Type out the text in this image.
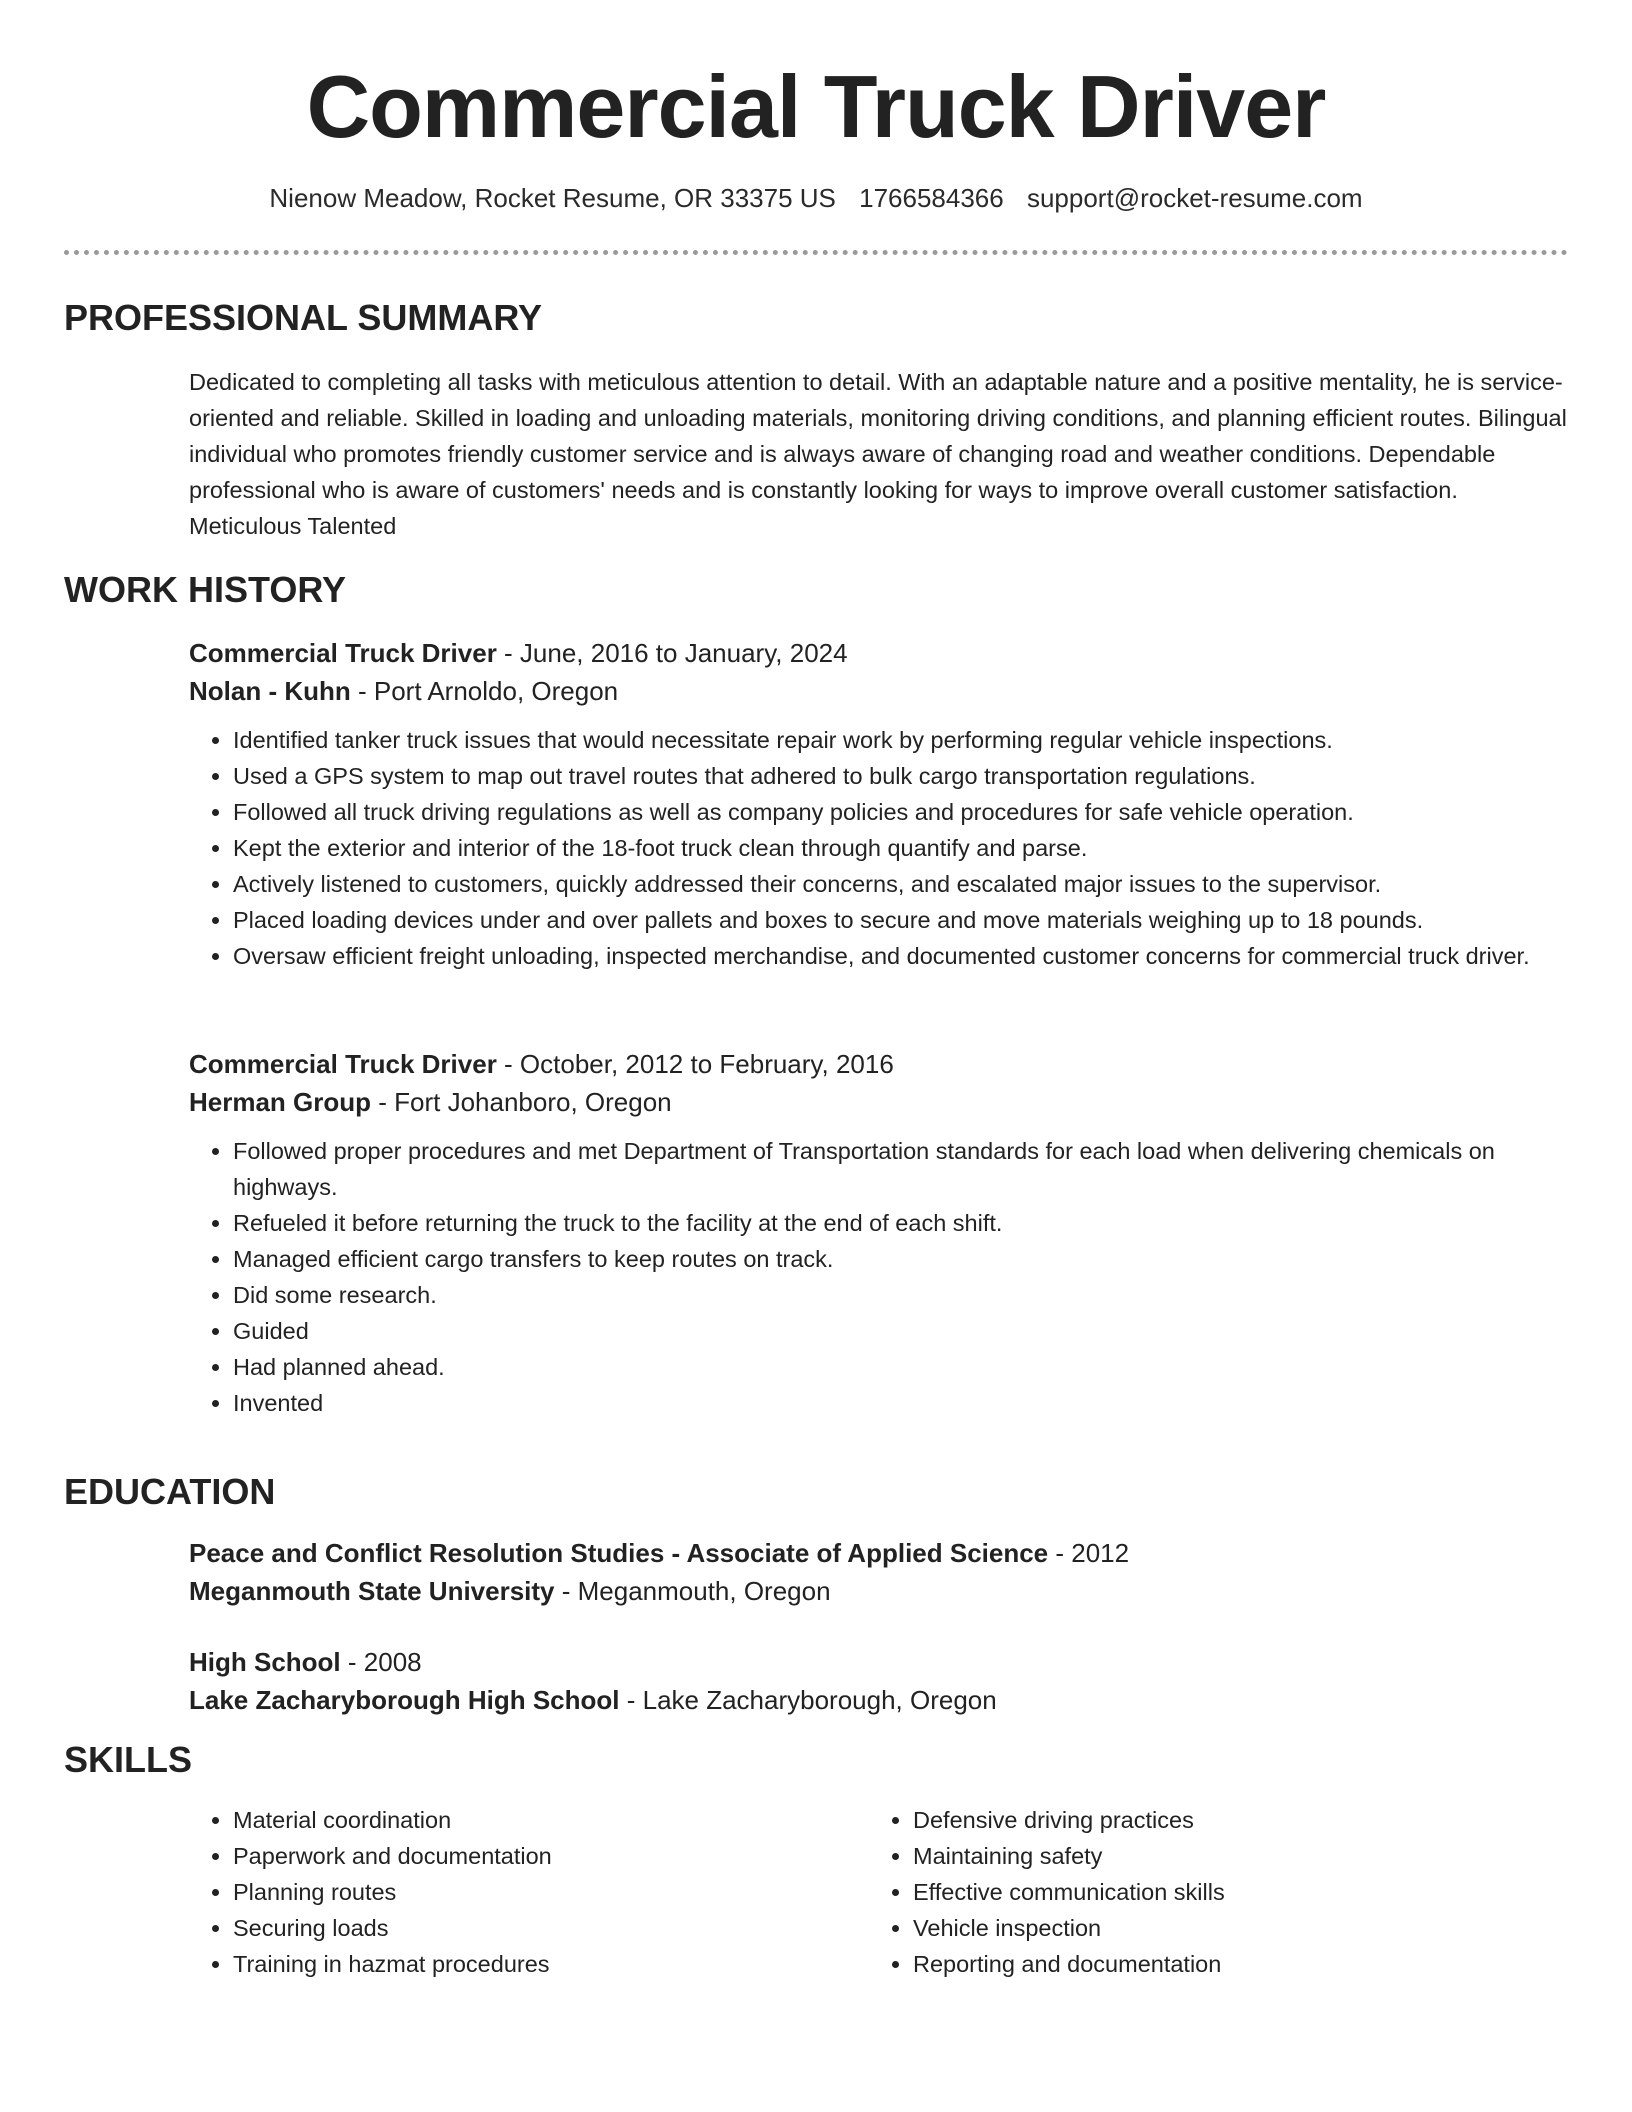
Commercial Truck Driver
Nienow Meadow, Rocket Resume, OR 33375 US 1766584366 support@rocket-resume.com
PROFESSIONAL SUMMARY

Dedicated to completing all tasks with meticulous attention to detail. With an adaptable nature and a positive mentality, he is service-oriented and reliable. Skilled in loading and unloading materials, monitoring driving conditions, and planning efficient routes. Bilingual individual who promotes friendly customer service and is always aware of changing road and weather conditions. Dependable professional who is aware of customers' needs and is constantly looking for ways to improve overall customer satisfaction. Meticulous Talented

WORK HISTORY

Commercial Truck Driver - June, 2016 to January, 2024

Nolan - Kuhn - Port Arnoldo, Oregon

• Identified tanker truck issues that would necessitate repair work by performing regular vehicle inspections.
• Used a GPS system to map out travel routes that adhered to bulk cargo transportation regulations.
• Followed all truck driving regulations as well as company policies and procedures for safe vehicle operation.
• Kept the exterior and interior of the 18-foot truck clean through quantify and parse.
• Actively listened to customers, quickly addressed their concerns, and escalated major issues to the supervisor.
• Placed loading devices under and over pallets and boxes to secure and move materials weighing up to 18 pounds.
• Oversaw efficient freight unloading, inspected merchandise, and documented customer concerns for commercial truck driver.

Commercial Truck Driver - October, 2012 to February, 2016

Herman Group - Fort Johanboro, Oregon

• Followed proper procedures and met Department of Transportation standards for each load when delivering chemicals on highways.
• Refueled it before returning the truck to the facility at the end of each shift.
• Managed efficient cargo transfers to keep routes on track.
• Did some research.
• Guided
• Had planned ahead.
• Invented
EDUCATION

Peace and Conflict Resolution Studies - Associate of Applied Science - 2012

Meganmouth State University - Meganmouth, Oregon

High School - 2008

Lake Zacharyborough High School - Lake Zacharyborough, Oregon

SKILLS
• Material coordination
• Paperwork and documentation
• Planning routes
• Securing loads
• Training in hazmat procedures
• Defensive driving practices
• Maintaining safety
• Effective communication skills
• Vehicle inspection
• Reporting and documentation
